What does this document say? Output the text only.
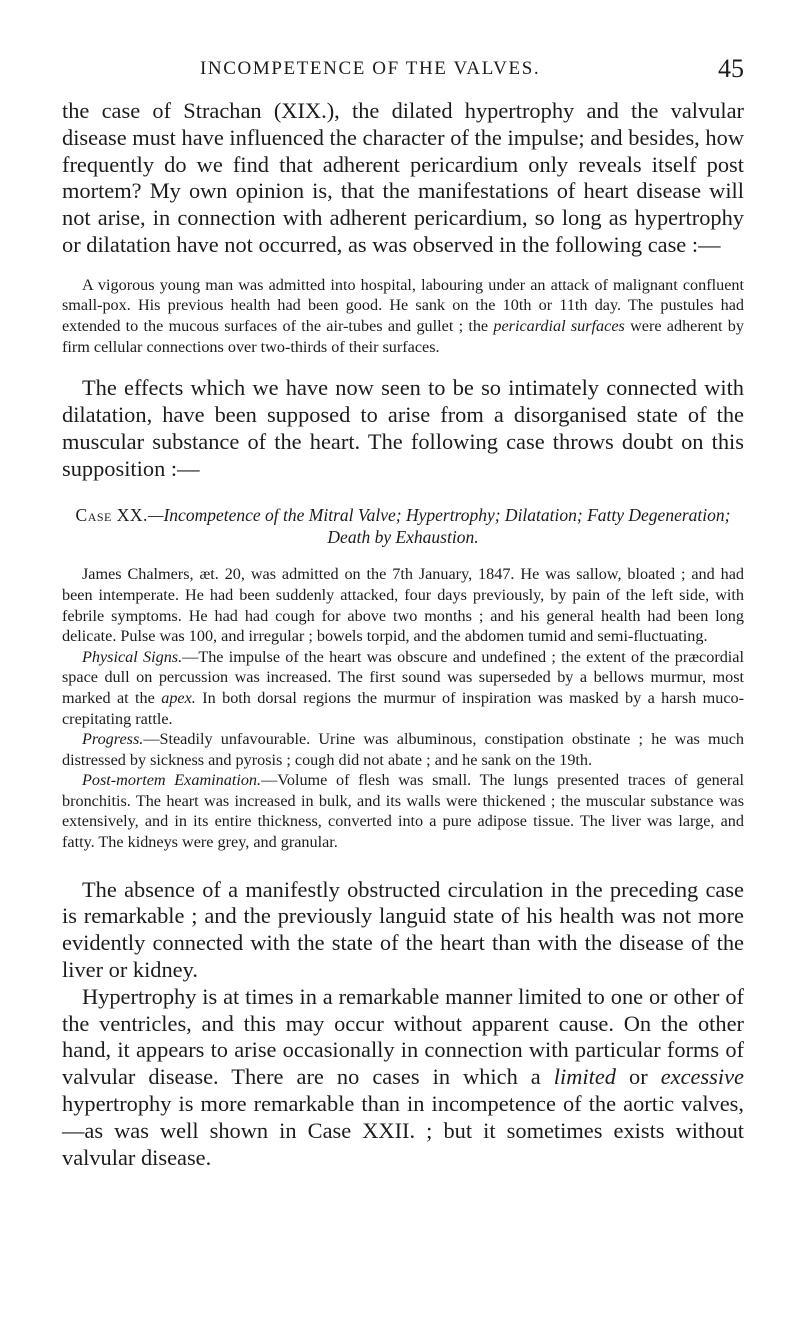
INCOMPETENCE OF THE VALVES.	45

the case of Strachan (XIX.), the dilated hypertrophy and the valvular disease must have influenced the character of the impulse; and besides, how frequently do we find that adherent pericardium only reveals itself post mortem? My own opinion is, that the manifestations of heart disease will not arise, in connection with adherent pericardium, so long as hypertrophy or dilatation have not occurred, as was observed in the following case :—

A vigorous young man was admitted into hospital, labouring under an attack of malignant confluent small-pox. His previous health had been good. He sank on the 10th or 11th day. The pustules had extended to the mucous surfaces of the air-tubes and gullet ; the pericardial surfaces were adherent by firm cellular connections over two-thirds of their surfaces.

The effects which we have now seen to be so intimately connected with dilatation, have been supposed to arise from a disorganised state of the muscular substance of the heart. The following case throws doubt on this supposition :—

Case XX.—Incompetence of the Mitral Valve; Hypertrophy; Dilatation; Fatty Degeneration; Death by Exhaustion.

James Chalmers, æt. 20, was admitted on the 7th January, 1847. He was sallow, bloated ; and had been intemperate. He had been suddenly attacked, four days previously, by pain of the left side, with febrile symptoms. He had had cough for above two months ; and his general health had been long delicate. Pulse was 100, and irregular ; bowels torpid, and the abdomen tumid and semi-fluctuating.

Physical Signs.—The impulse of the heart was obscure and undefined ; the extent of the præcordial space dull on percussion was increased. The first sound was superseded by a bellows murmur, most marked at the apex. In both dorsal regions the murmur of inspiration was masked by a harsh muco-crepitating rattle.

Progress.—Steadily unfavourable. Urine was albuminous, constipation obstinate ; he was much distressed by sickness and pyrosis ; cough did not abate ; and he sank on the 19th.

Post-mortem Examination.—Volume of flesh was small. The lungs presented traces of general bronchitis. The heart was increased in bulk, and its walls were thickened ; the muscular substance was extensively, and in its entire thickness, converted into a pure adipose tissue. The liver was large, and fatty. The kidneys were grey, and granular.

The absence of a manifestly obstructed circulation in the preceding case is remarkable ; and the previously languid state of his health was not more evidently connected with the state of the heart than with the disease of the liver or kidney.

Hypertrophy is at times in a remarkable manner limited to one or other of the ventricles, and this may occur without apparent cause. On the other hand, it appears to arise occasionally in connection with particular forms of valvular disease. There are no cases in which a limited or excessive hypertrophy is more remarkable than in incompetence of the aortic valves,—as was well shown in Case XXII. ; but it sometimes exists without valvular disease.
